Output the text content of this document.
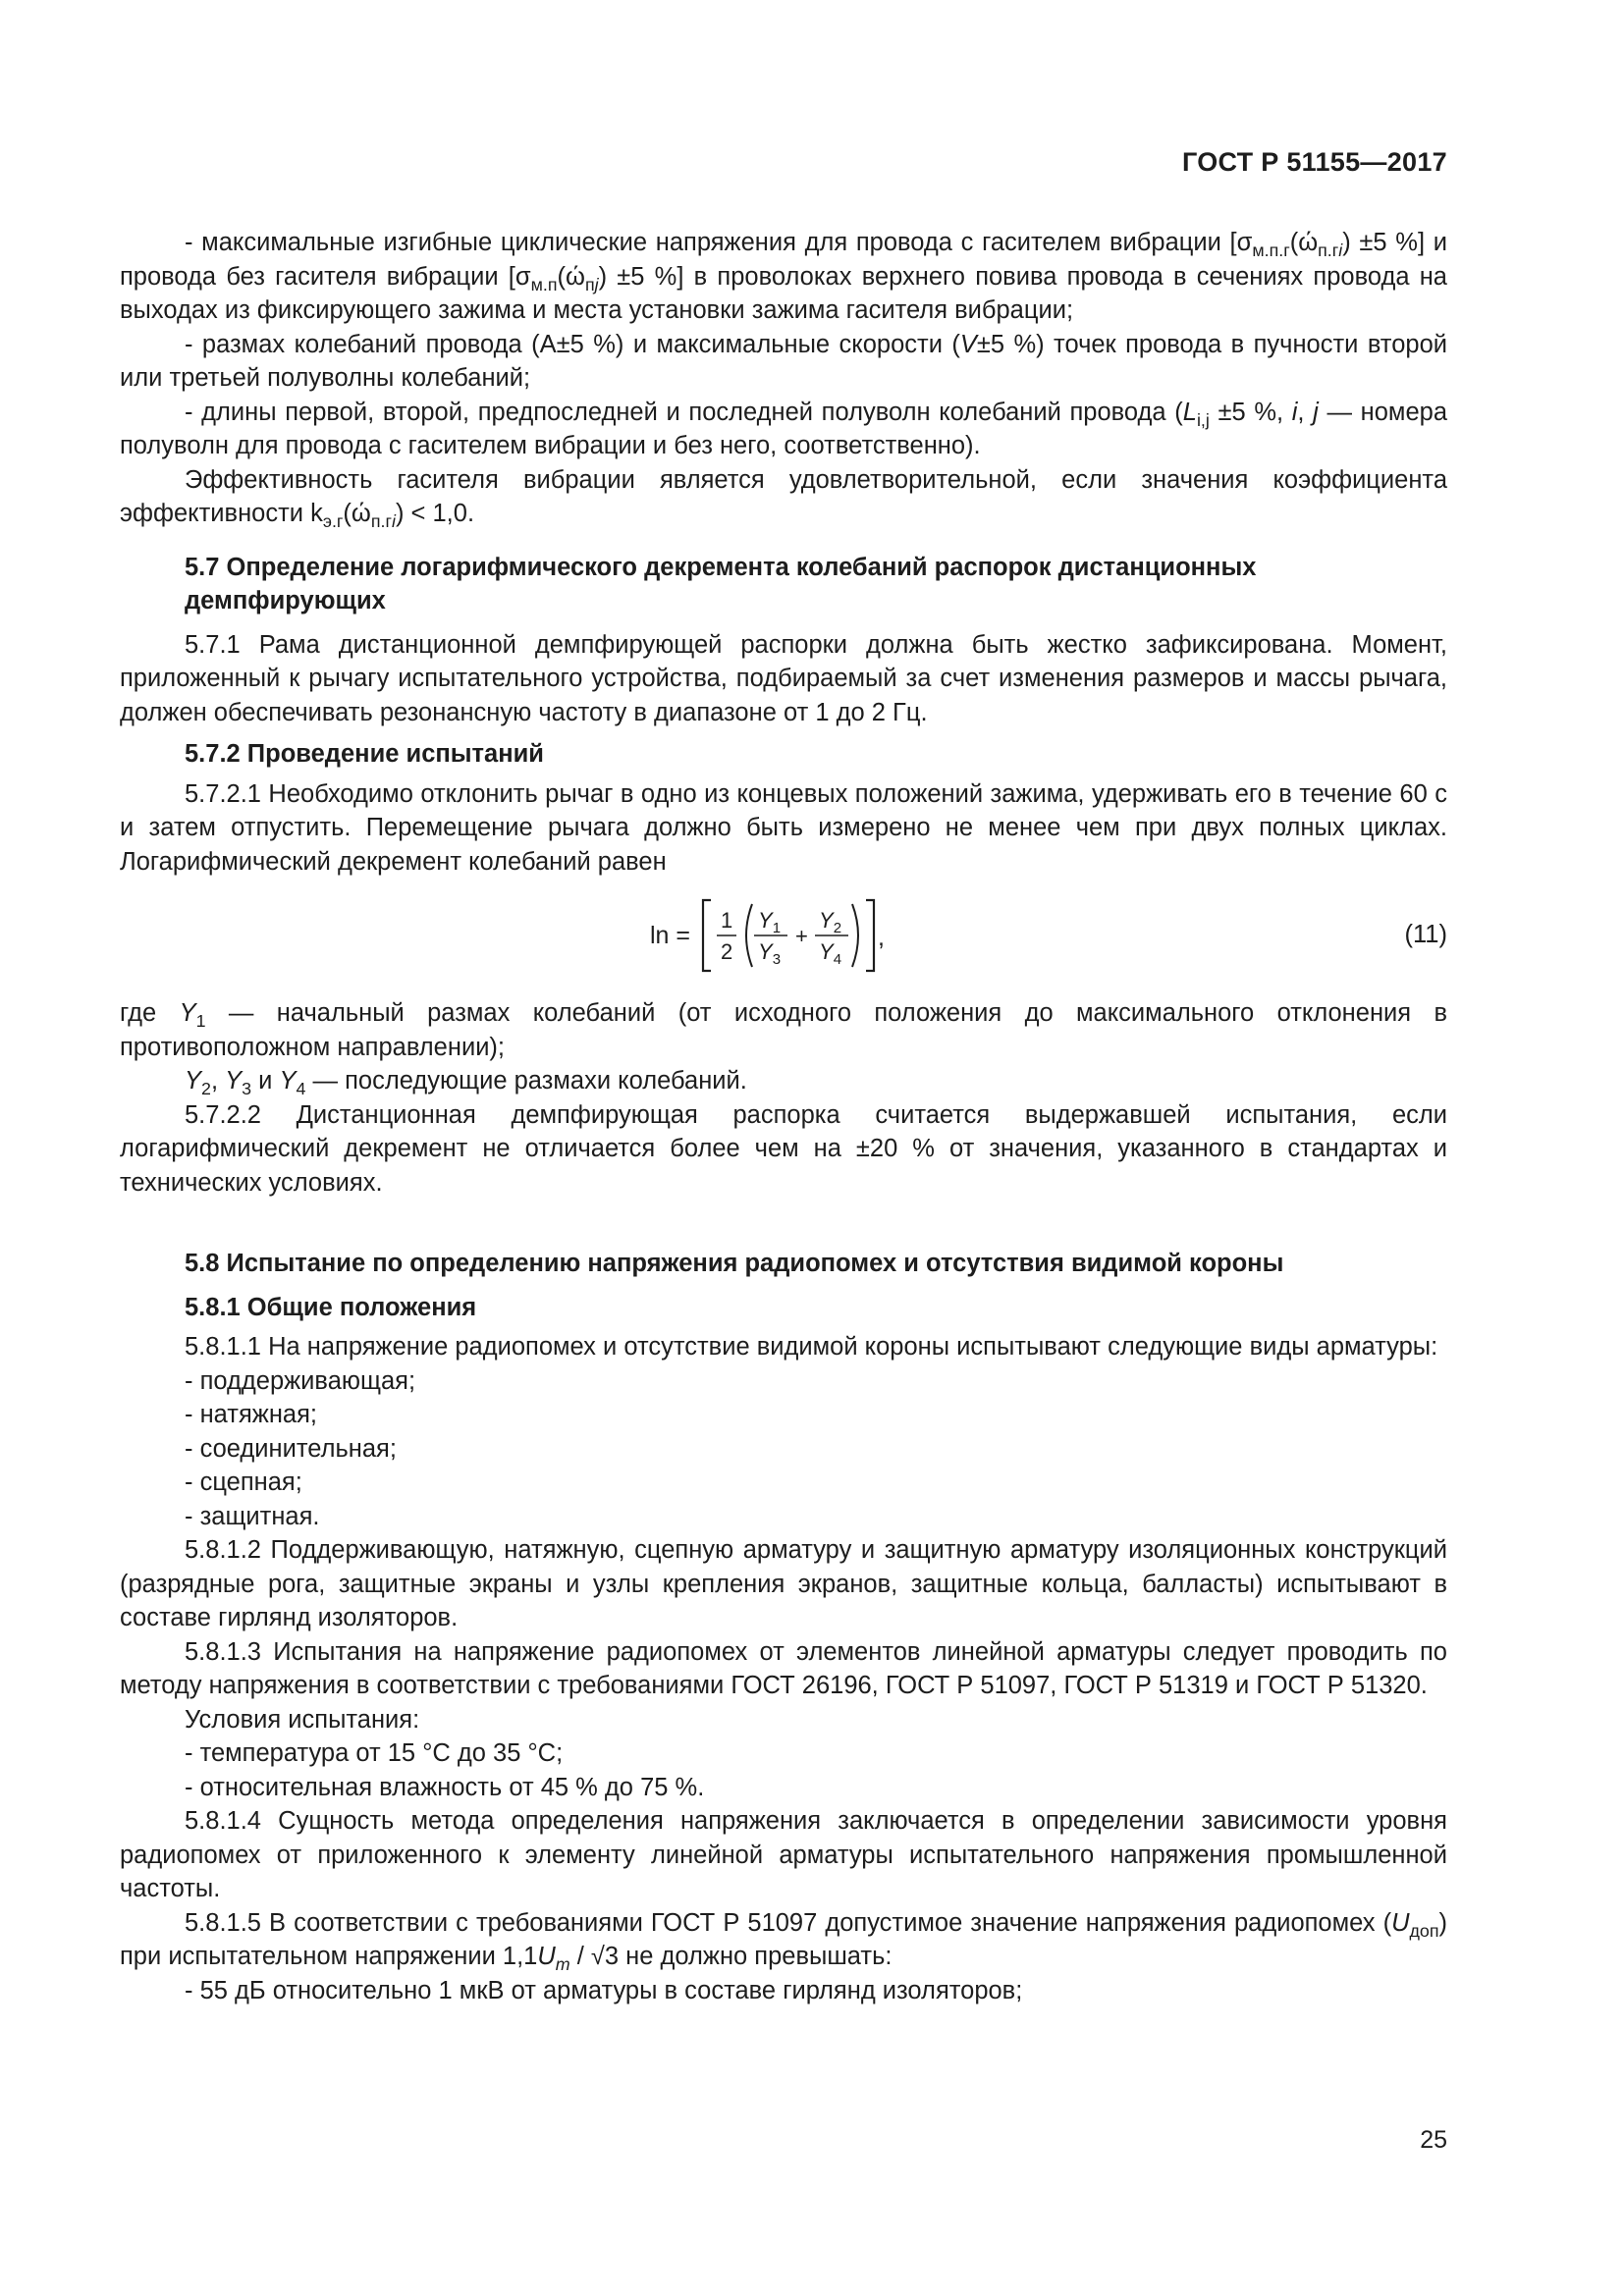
ГОСТ Р 51155—2017

- максимальные изгибные циклические напряжения для провода с гасителем вибрации [$\sigma_{м.п.г}(ώ_{п.гi}) \pm 5$ %] и провода без гасителя вибрации [$\sigma_{м.п}(ώ_{пj}) \pm 5$ %] в проволоках верхнего повива провода в сечениях провода на выходах из фиксирующего зажима и места установки зажима гасителя вибрации;

- размах колебаний провода (А±5 %) и максимальные скорости (V±5 %) точек провода в пучности второй или третьей полуволны колебаний;

- длины первой, второй, предпоследней и последней полуволн колебаний провода ($L_{i,j} \pm 5$ %, i, j — номера полуволн для провода с гасителем вибрации и без него, соответственно).

Эффективность гасителя вибрации является удовлетворительной, если значения коэффициента эффективности $k_{э.г}(ώ_{п.гi}) < 1,0$.

5.7 Определение логарифмического декремента колебаний распорок дистанционных
демпфирующих

5.7.1 Рама дистанционной демпфирующей распорки должна быть жестко зафиксирована. Момент, приложенный к рычагу испытательного устройства, подбираемый за счет изменения размеров и массы рычага, должен обеспечивать резонансную частоту в диапазоне от 1 до 2 Гц.

5.7.2 Проведение испытаний

5.7.2.1 Необходимо отклонить рычаг в одно из концевых положений зажима, удерживать его в течение 60 с и затем отпустить. Перемещение рычага должно быть измерено не менее чем при двух полных циклах. Логарифмический декремент колебаний равен

ln =
1
2
$Y_1$
$Y_3$
+
$Y_2$
$Y_4$
,	(11)

где $Y_1$ — начальный размах колебаний (от исходного положения до максимального отклонения в противоположном направлении);

$Y_2$, $Y_3$ и $Y_4$ — последующие размахи колебаний.

5.7.2.2 Дистанционная демпфирующая распорка считается выдержавшей испытания, если логарифмический декремент не отличается более чем на ±20 % от значения, указанного в стандартах и технических условиях.

5.8 Испытание по определению напряжения радиопомех и отсутствия видимой короны
5.8.1 Общие положения

5.8.1.1 На напряжение радиопомех и отсутствие видимой короны испытывают следующие виды арматуры:

- поддерживающая;
- натяжная;
- соединительная;
- сцепная;
- защитная.

5.8.1.2 Поддерживающую, натяжную, сцепную арматуру и защитную арматуру изоляционных конструкций (разрядные рога, защитные экраны и узлы крепления экранов, защитные кольца, балласты) испытывают в составе гирлянд изоляторов.

5.8.1.3 Испытания на напряжение радиопомех от элементов линейной арматуры следует проводить по методу напряжения в соответствии с требованиями ГОСТ 26196, ГОСТ Р 51097, ГОСТ Р 51319 и ГОСТ Р 51320.

Условия испытания:

- температура от 15 °С до 35 °С;
- относительная влажность от 45 % до 75 %.

5.8.1.4 Сущность метода определения напряжения заключается в определении зависимости уровня радиопомех от приложенного к элементу линейной арматуры испытательного напряжения промышленной частоты.

5.8.1.5 В соответствии с требованиями ГОСТ Р 51097 допустимое значение напряжения радиопомех $(U_{доп})$ при испытательном напряжении $1,1U_m / √3$ не должно превышать:

- 55 дБ относительно 1 мкВ от арматуры в составе гирлянд изоляторов;
25
